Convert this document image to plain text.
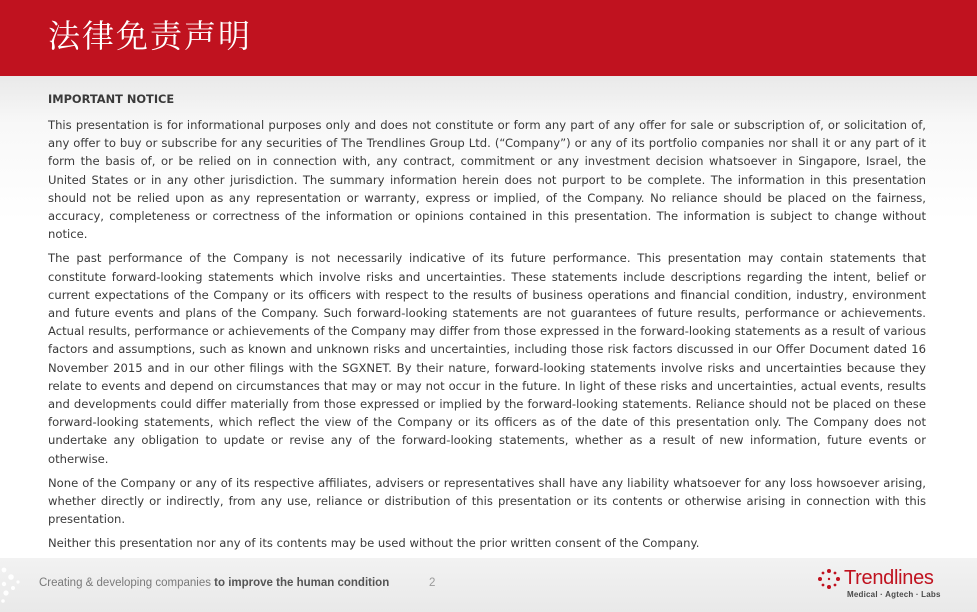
法律免责声明
IMPORTANT NOTICE

This presentation is for informational purposes only and does not constitute or form any part of any offer for sale or subscription of, or solicitation of, any offer to buy or subscribe for any securities of The Trendlines Group Ltd. (“Company”) or any of its portfolio companies nor shall it or any part of it form the basis of, or be relied on in connection with, any contract, commitment or any investment decision whatsoever in Singapore, Israel, the United States or in any other jurisdiction. The summary information herein does not purport to be complete. The information in this presentation should not be relied upon as any representation or warranty, express or implied, of the Company. No reliance should be placed on the fairness, accuracy, completeness or correctness of the information or opinions contained in this presentation. The information is subject to change without notice.

The past performance of the Company is not necessarily indicative of its future performance. This presentation may contain statements that constitute forward-looking statements which involve risks and uncertainties. These statements include descriptions regarding the intent, belief or current expectations of the Company or its officers with respect to the results of business operations and financial condition, industry, environment and future events and plans of the Company. Such forward-looking statements are not guarantees of future results, performance or achievements. Actual results, performance or achievements of the Company may differ from those expressed in the forward-looking statements as a result of various factors and assumptions, such as known and unknown risks and uncertainties, including those risk factors discussed in our Offer Document dated 16 November 2015 and in our other filings with the SGXNET. By their nature, forward-looking statements involve risks and uncertainties because they relate to events and depend on circumstances that may or may not occur in the future. In light of these risks and uncertainties, actual events, results and developments could differ materially from those expressed or implied by the forward-looking statements. Reliance should not be placed on these forward-looking statements, which reflect the view of the Company or its officers as of the date of this presentation only. The Company does not undertake any obligation to update or revise any of the forward-looking statements, whether as a result of new information, future events or otherwise.

None of the Company or any of its respective affiliates, advisers or representatives shall have any liability whatsoever for any loss howsoever arising, whether directly or indirectly, from any use, reliance or distribution of this presentation or its contents or otherwise arising in connection with this presentation.

Neither this presentation nor any of its contents may be used without the prior written consent of the Company.

Creating & developing companies to improve the human condition	2	Trendlines
Medical · Agtech · Labs
